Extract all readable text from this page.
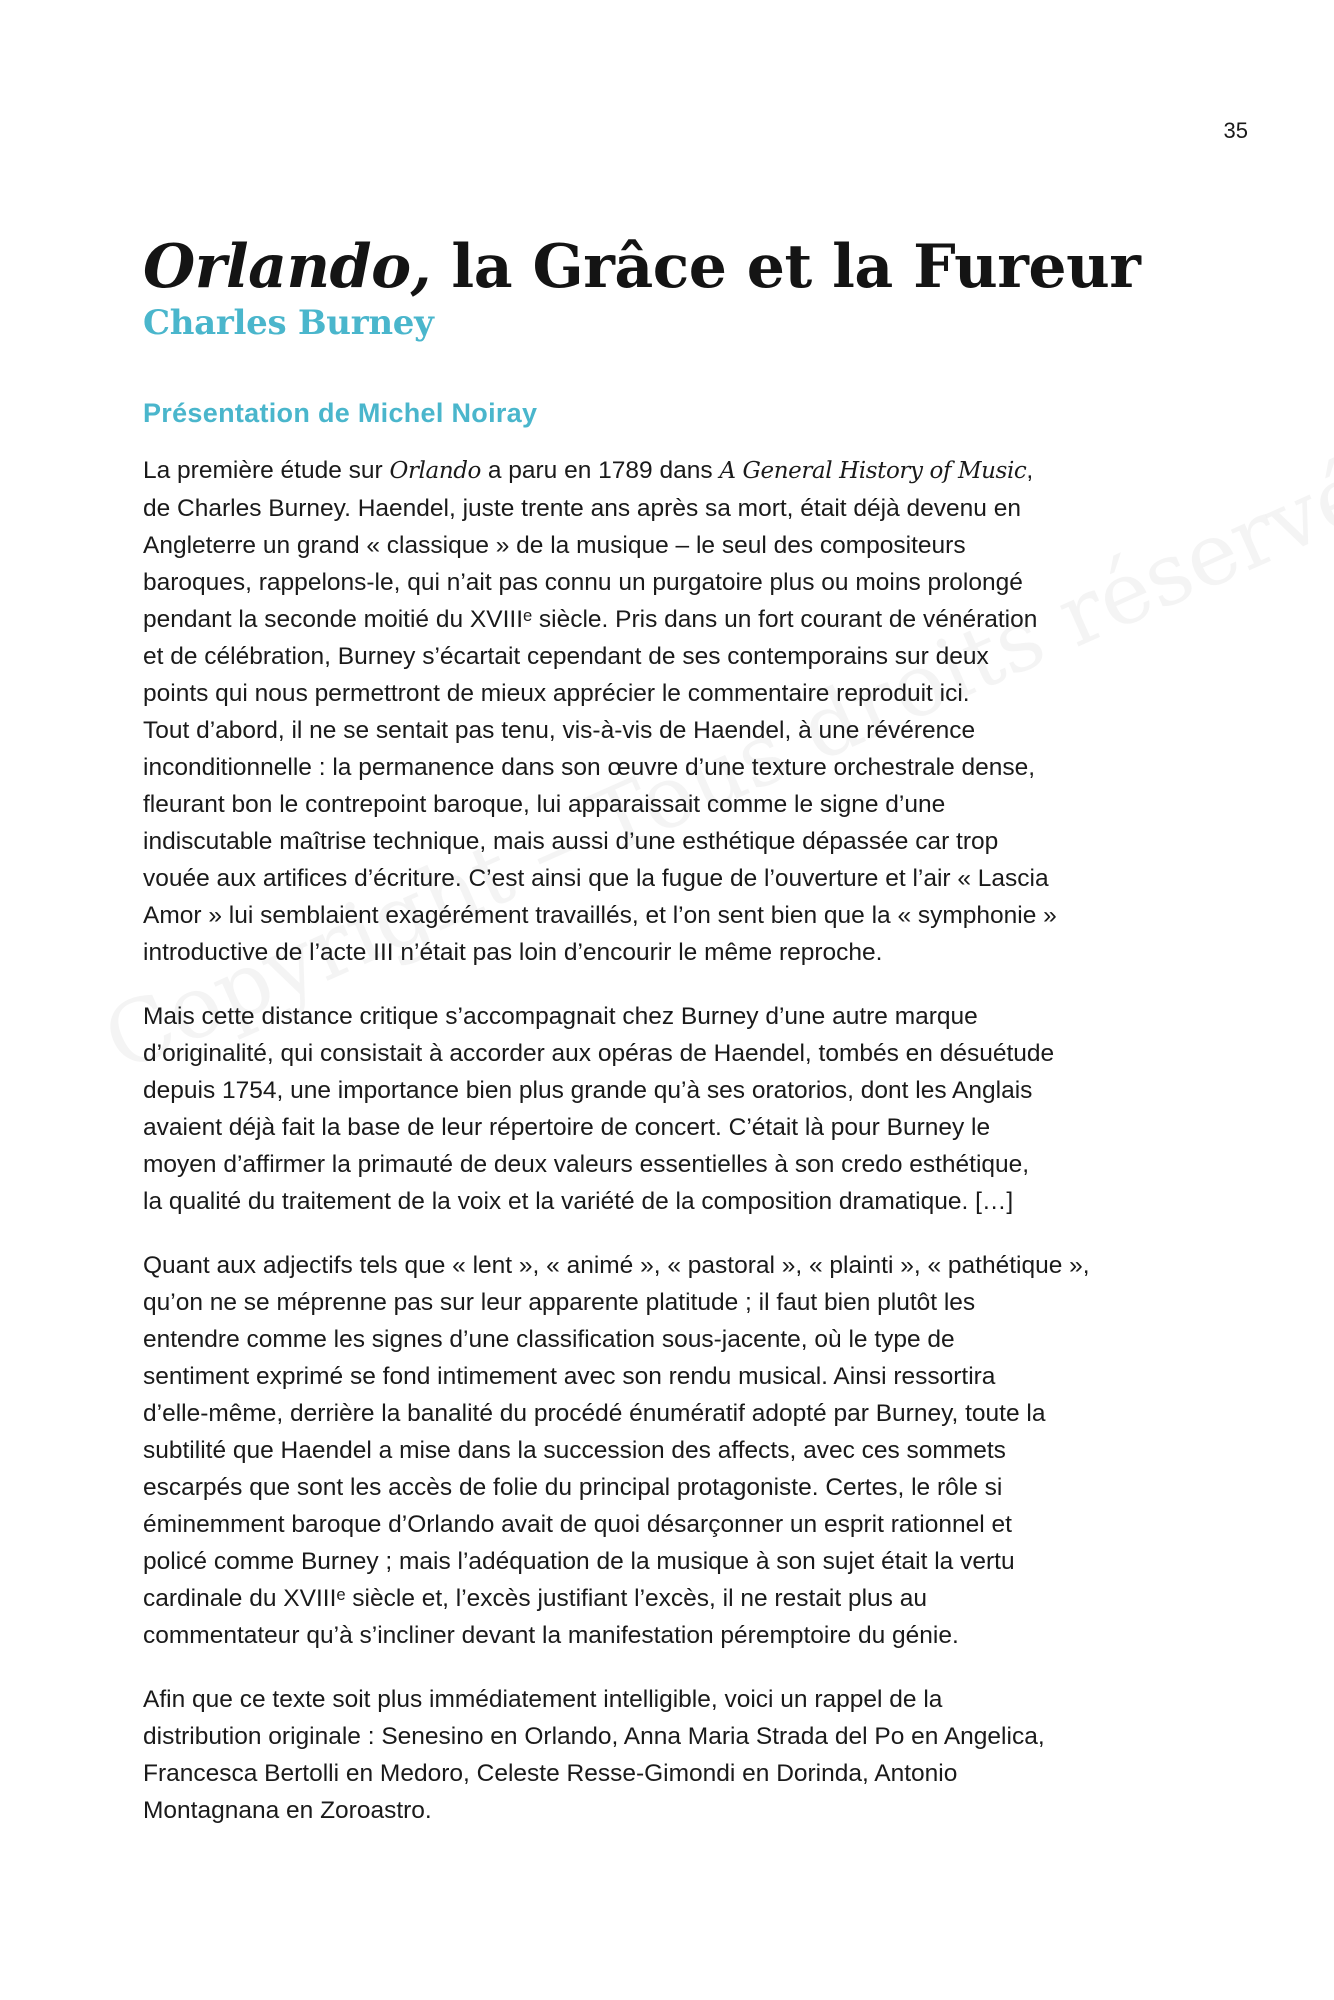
35
Orlando, la Grâce et la Fureur
Charles Burney
Présentation de Michel Noiray

La première étude sur Orlando a paru en 1789 dans A General History of Music,
de Charles Burney. Haendel, juste trente ans après sa mort, était déjà devenu en
Angleterre un grand « classique » de la musique – le seul des compositeurs
baroques, rappelons-le, qui n’ait pas connu un purgatoire plus ou moins prolongé
pendant la seconde moitié du XVIIIᵉ siècle. Pris dans un fort courant de vénération
et de célébration, Burney s’écartait cependant de ses contemporains sur deux
points qui nous permettront de mieux apprécier le commentaire reproduit ici.
Tout d’abord, il ne se sentait pas tenu, vis-à-vis de Haendel, à une révérence
inconditionnelle : la permanence dans son œuvre d’une texture orchestrale dense,
fleurant bon le contrepoint baroque, lui apparaissait comme le signe d’une
indiscutable maîtrise technique, mais aussi d’une esthétique dépassée car trop
vouée aux artifices d’écriture. C’est ainsi que la fugue de l’ouverture et l’air « Lascia
Amor » lui semblaient exagérément travaillés, et l’on sent bien que la « symphonie »
introductive de l’acte III n’était pas loin d’encourir le même reproche.

Mais cette distance critique s’accompagnait chez Burney d’une autre marque
d’originalité, qui consistait à accorder aux opéras de Haendel, tombés en désuétude
depuis 1754, une importance bien plus grande qu’à ses oratorios, dont les Anglais
avaient déjà fait la base de leur répertoire de concert. C’était là pour Burney le
moyen d’affirmer la primauté de deux valeurs essentielles à son credo esthétique,
la qualité du traitement de la voix et la variété de la composition dramatique. […]

Quant aux adjectifs tels que « lent », « animé », « pastoral », « plainti », « pathétique »,
qu’on ne se méprenne pas sur leur apparente platitude ; il faut bien plutôt les
entendre comme les signes d’une classification sous-jacente, où le type de
sentiment exprimé se fond intimement avec son rendu musical. Ainsi ressortira
d’elle-même, derrière la banalité du procédé énumératif adopté par Burney, toute la
subtilité que Haendel a mise dans la succession des affects, avec ces sommets
escarpés que sont les accès de folie du principal protagoniste. Certes, le rôle si
éminemment baroque d’Orlando avait de quoi désarçonner un esprit rationnel et
policé comme Burney ; mais l’adéquation de la musique à son sujet était la vertu
cardinale du XVIIIᵉ siècle et, l’excès justifiant l’excès, il ne restait plus au
commentateur qu’à s’incliner devant la manifestation péremptoire du génie.

Afin que ce texte soit plus immédiatement intelligible, voici un rappel de la
distribution originale : Senesino en Orlando, Anna Maria Strada del Po en Angelica,
Francesca Bertolli en Medoro, Celeste Resse-Gimondi en Dorinda, Antonio
Montagnana en Zoroastro.
